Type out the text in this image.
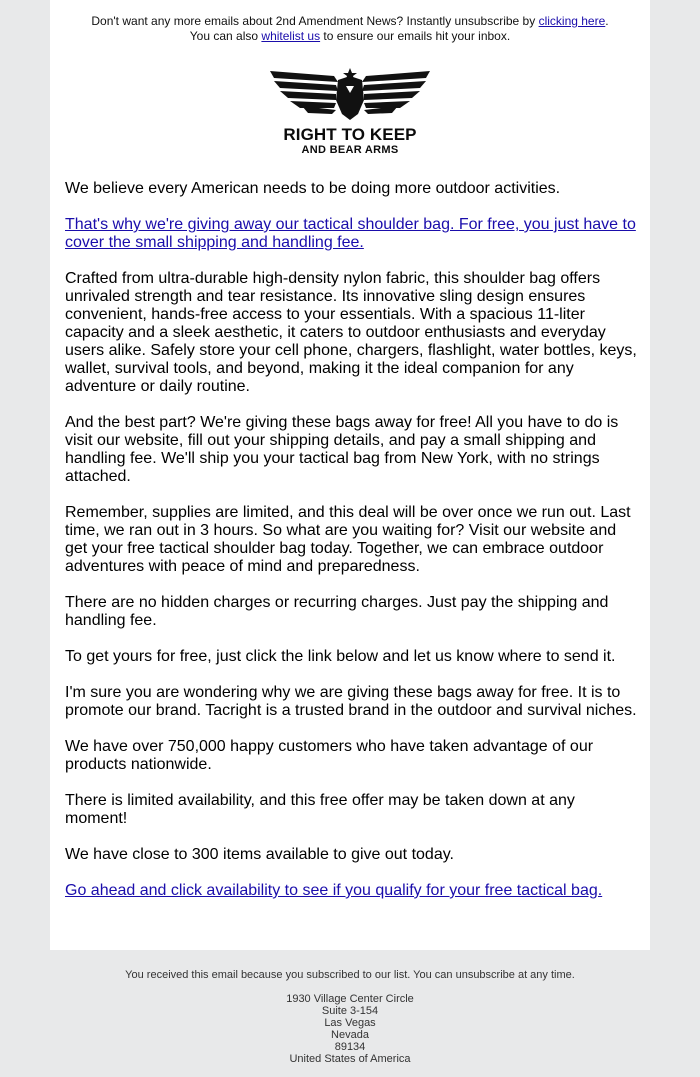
Don't want any more emails about 2nd Amendment News? Instantly unsubscribe by clicking here.
You can also whitelist us to ensure our emails hit your inbox.
RIGHT TO KEEP
AND BEAR ARMS

We believe every American needs to be doing more outdoor activities.

That's why we're giving away our tactical shoulder bag. For free, you just have to cover the small shipping and handling fee.

Crafted from ultra-durable high-density nylon fabric, this shoulder bag offers unrivaled strength and tear resistance. Its innovative sling design ensures convenient, hands-free access to your essentials. With a spacious 11-liter capacity and a sleek aesthetic, it caters to outdoor enthusiasts and everyday users alike. Safely store your cell phone, chargers, flashlight, water bottles, keys, wallet, survival tools, and beyond, making it the ideal companion for any adventure or daily routine.

And the best part? We're giving these bags away for free! All you have to do is visit our website, fill out your shipping details, and pay a small shipping and handling fee. We'll ship you your tactical bag from New York, with no strings attached.

Remember, supplies are limited, and this deal will be over once we run out. Last time, we ran out in 3 hours. So what are you waiting for? Visit our website and get your free tactical shoulder bag today. Together, we can embrace outdoor adventures with peace of mind and preparedness.

There are no hidden charges or recurring charges. Just pay the shipping and handling fee.

To get yours for free, just click the link below and let us know where to send it.

I'm sure you are wondering why we are giving these bags away for free. It is to promote our brand. Tacright is a trusted brand in the outdoor and survival niches.

We have over 750,000 happy customers who have taken advantage of our products nationwide.

There is limited availability, and this free offer may be taken down at any moment!

We have close to 300 items available to give out today.

Go ahead and click availability to see if you qualify for your free tactical bag.

You received this email because you subscribed to our list. You can unsubscribe at any time.
1930 Village Center Circle
Suite 3-154
Las Vegas
Nevada
89134
United States of America
